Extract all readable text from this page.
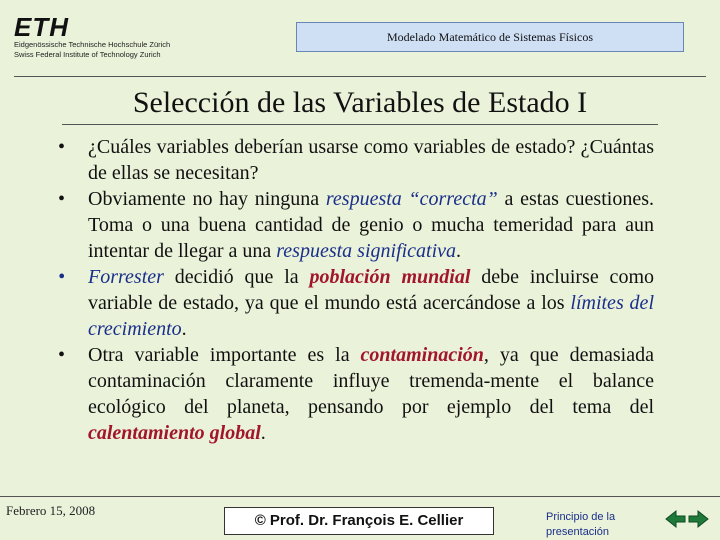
ETH
Eidgenössische Technische Hochschule Zürich
Swiss Federal Institute of Technology Zurich
Modelado Matemático de Sistemas Físicos
Selección de las Variables de Estado I
• ¿Cuáles variables deberían usarse como variables de estado? ¿Cuántas de ellas se necesitan?
• Obviamente no hay ninguna respuesta “correcta” a estas cuestiones. Toma o una buena cantidad de genio o mucha temeridad para aun intentar de llegar a una respuesta significativa.
• Forrester decidió que la población mundial debe incluirse como variable de estado, ya que el mundo está acercándose a los límites del crecimiento.
• Otra variable importante es la contaminación, ya que demasiada contaminación claramente influye tremenda-mente el balance ecológico del planeta, pensando por ejemplo del tema del calentamiento global.
Febrero 15, 2008
© Prof. Dr. François E. Cellier	Principio de la presentación
